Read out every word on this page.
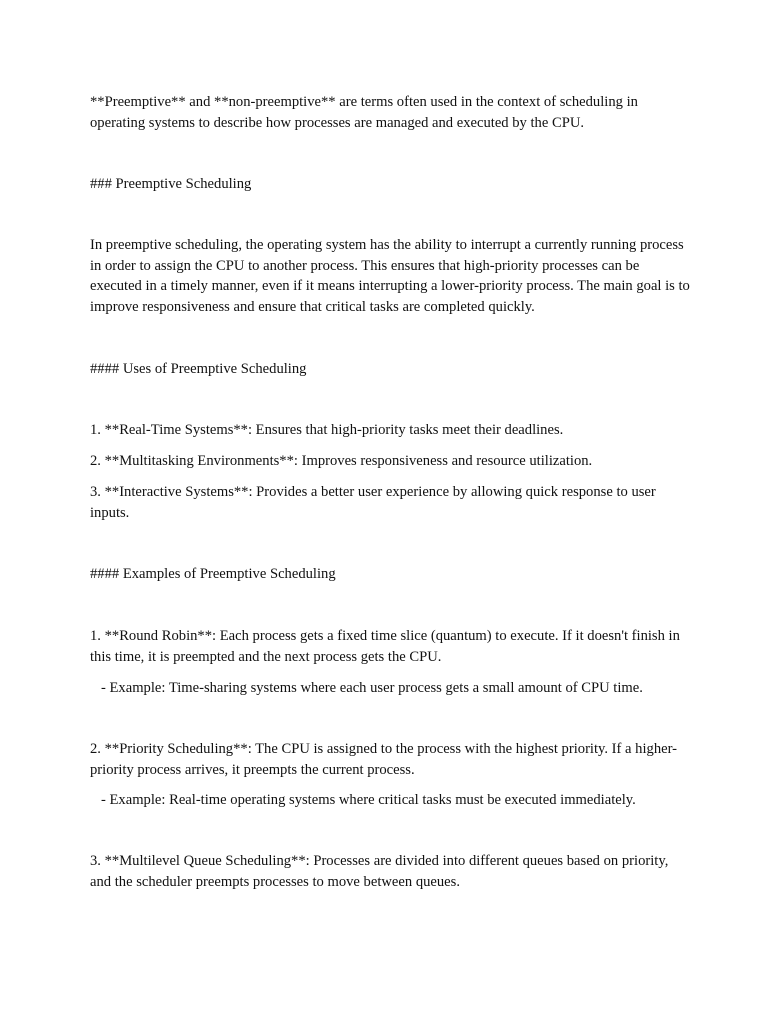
**Preemptive** and **non-preemptive** are terms often used in the context of scheduling in operating systems to describe how processes are managed and executed by the CPU.

### Preemptive Scheduling

In preemptive scheduling, the operating system has the ability to interrupt a currently running process in order to assign the CPU to another process. This ensures that high-priority processes can be executed in a timely manner, even if it means interrupting a lower-priority process. The main goal is to improve responsiveness and ensure that critical tasks are completed quickly.

#### Uses of Preemptive Scheduling

1. **Real-Time Systems**: Ensures that high-priority tasks meet their deadlines.

2. **Multitasking Environments**: Improves responsiveness and resource utilization.

3. **Interactive Systems**: Provides a better user experience by allowing quick response to user inputs.

#### Examples of Preemptive Scheduling

1. **Round Robin**: Each process gets a fixed time slice (quantum) to execute. If it doesn't finish in this time, it is preempted and the next process gets the CPU.

- Example: Time-sharing systems where each user process gets a small amount of CPU time.

2. **Priority Scheduling**: The CPU is assigned to the process with the highest priority. If a higher-priority process arrives, it preempts the current process.

- Example: Real-time operating systems where critical tasks must be executed immediately.

3. **Multilevel Queue Scheduling**: Processes are divided into different queues based on priority, and the scheduler preempts processes to move between queues.
